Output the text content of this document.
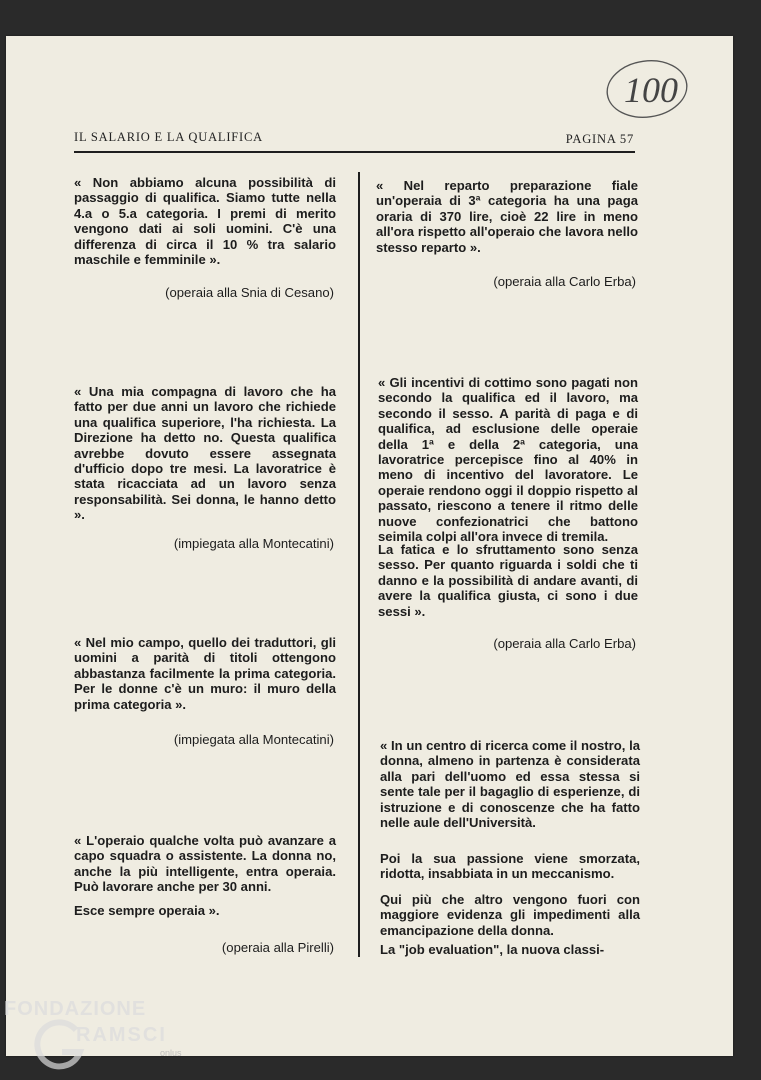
100
IL SALARIO E LA QUALIFICA	PAGINA 57

« Non abbiamo alcuna possibilità di passaggio di qualifica. Siamo tutte nella 4.a o 5.a categoria. I premi di merito vengono dati ai soli uomini. C'è una differenza di circa il 10 % tra salario maschile e femminile ».

(operaia alla Snia di Cesano)

« Una mia compagna di lavoro che ha fatto per due anni un lavoro che richiede una qualifica superiore, l'ha richiesta. La Direzione ha detto no. Questa qualifica avrebbe dovuto essere assegnata d'ufficio dopo tre mesi. La lavoratrice è stata ricacciata ad un lavoro senza responsabilità. Sei donna, le hanno detto ».

(impiegata alla Montecatini)

« Nel mio campo, quello dei traduttori, gli uomini a parità di titoli ottengono abbastanza facilmente la prima categoria. Per le donne c'è un muro: il muro della prima categoria ».

(impiegata alla Montecatini)

« L'operaio qualche volta può avanzare a capo squadra o assistente. La donna no, anche la più intelligente, entra operaia. Può lavorare anche per 30 anni.

Esce sempre operaia ».

(operaia alla Pirelli)

« Nel reparto preparazione fiale un'operaia di 3ª categoria ha una paga oraria di 370 lire, cioè 22 lire in meno all'ora rispetto all'operaio che lavora nello stesso reparto ».

(operaia alla Carlo Erba)

« Gli incentivi di cottimo sono pagati non secondo la qualifica ed il lavoro, ma secondo il sesso. A parità di paga e di qualifica, ad esclusione delle operaie della 1ª e della 2ª categoria, una lavoratrice percepisce fino al 40% in meno di incentivo del lavoratore. Le operaie rendono oggi il doppio rispetto al passato, riescono a tenere il ritmo delle nuove confezionatrici che battono seimila colpi all'ora invece di tremila.

La fatica e lo sfruttamento sono senza sesso. Per quanto riguarda i soldi che ti danno e la possibilità di andare avanti, di avere la qualifica giusta, ci sono i due sessi ».

(operaia alla Carlo Erba)

« In un centro di ricerca come il nostro, la donna, almeno in partenza è considerata alla pari dell'uomo ed essa stessa si sente tale per il bagaglio di esperienze, di istruzione e di conoscenze che ha fatto nelle aule dell'Università.

Poi la sua passione viene smorzata, ridotta, insabbiata in un meccanismo.

Qui più che altro vengono fuori con maggiore evidenza gli impedimenti alla emancipazione della donna.

La "job evaluation", la nuova classi-

FONDAZIONE
RAMSCI
onlus
